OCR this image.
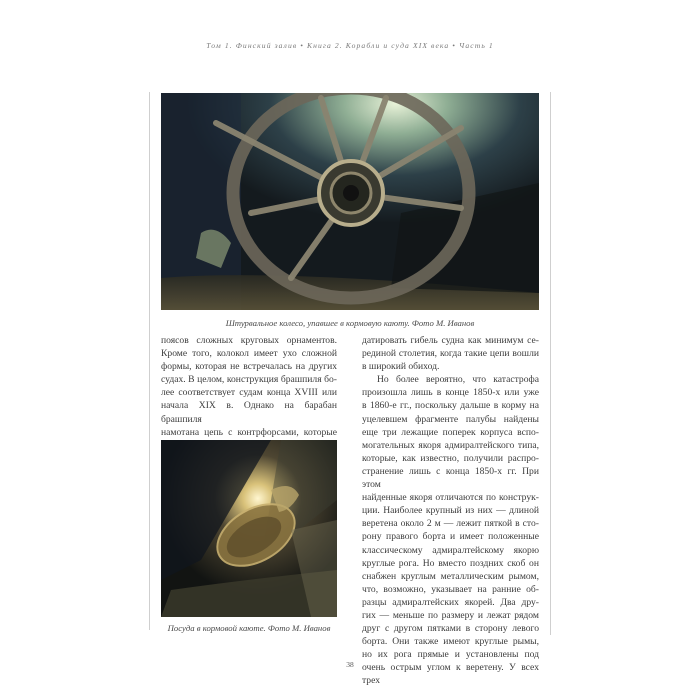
Том 1. Финский залив • Книга 2. Корабли и суда XIX века • Часть 1
Штурвальное колесо, упавшее в кормовую каюту. Фото М. Иванов

поясов сложных круговых орнаментов.

Кроме того, колокол имеет ухо сложной

формы, которая не встречалась на других

судах. В целом, конструкция брашпиля бо-

лее соответствует судам конца XVIII или

начала XIX в. Однако на барабан брашпиля

намотана цепь с контрфорсами, которые

Посуда в кормовой каюте. Фото М. Иванов

датировать гибель судна как минимум се-

рединой столетия, когда такие цепи вошли

в широкий обиход.

Но более вероятно, что катастрофа

произошла лишь в конце 1850-х или уже

в 1860-е гг., поскольку дальше в корму на

уцелевшем фрагменте палубы найдены

еще три лежащие поперек корпуса вспо-

могательных якоря адмиралтейского типа,

которые, как известно, получили распро-

странение лишь с конца 1850-х гг. При этом

найденные якоря отличаются по конструк-

ции. Наиболее крупный из них — длиной

веретена около 2 м — лежит пяткой в сто-

рону правого борта и имеет положенные

классическому адмиралтейскому якорю

круглые рога. Но вместо поздних скоб он

снабжен круглым металлическим рымом,

что, возможно, указывает на ранние об-

разцы адмиралтейских якорей. Два дру-

гих — меньше по размеру и лежат рядом

друг с другом пятками в сторону левого

борта. Они также имеют круглые рымы,

но их рога прямые и установлены под

очень острым углом к веретену. У всех трех

38
